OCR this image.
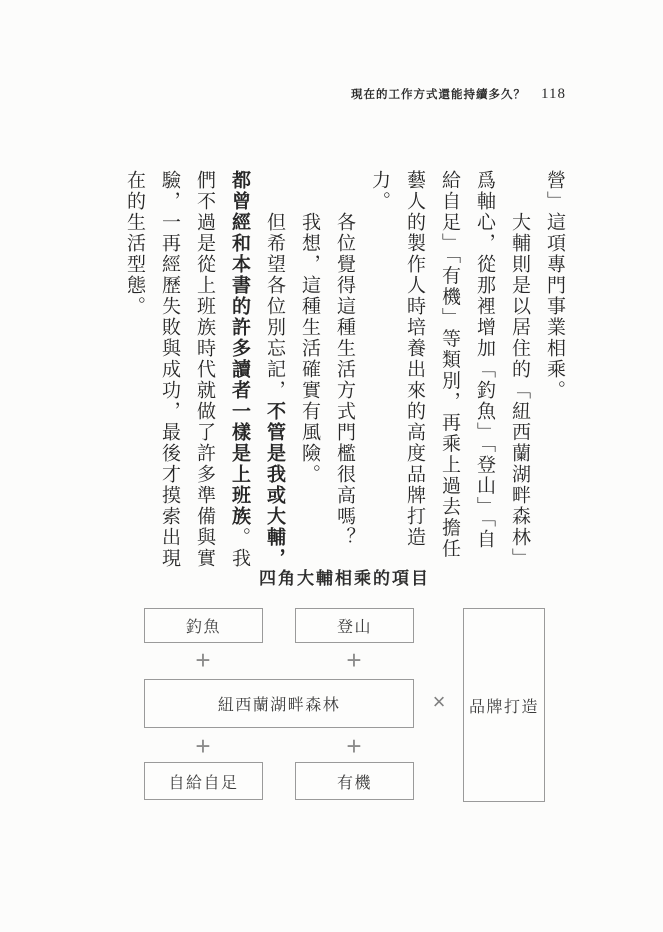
現在的工作方式還能持續多久？ 118
營」這項專門事業相乘。
大輔則是以居住的「紐西蘭湖畔森林」
爲軸心，從那裡增加「釣魚」「登山」「自
給自足」「有機」等類別，再乘上過去擔任
藝人的製作人時培養出來的高度品牌打造
力。
各位覺得這種生活方式門檻很高嗎？
我想，這種生活確實有風險。
但希望各位別忘記，不管是我或大輔，
都曾經和本書的許多讀者一樣是上班族。我
們不過是從上班族時代就做了許多準備與實
驗，一再經歷失敗與成功，最後才摸索出現
在的生活型態。
四角大輔相乘的項目
釣魚	登山
+	+
紐西蘭湖畔森林
+	+
自給自足	有機
×	品牌打造
